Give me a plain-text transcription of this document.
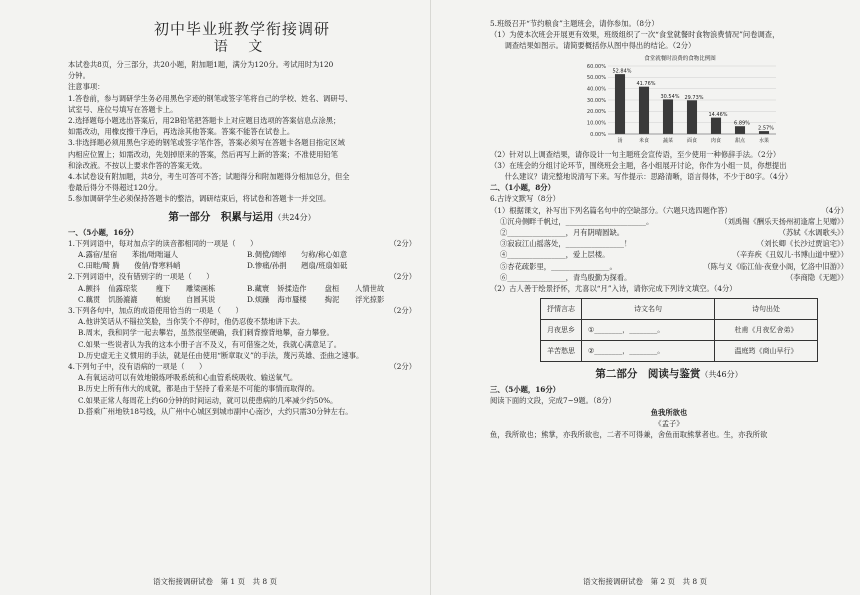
初中毕业班教学衔接调研
语 文
本试卷共8页，分三部分，共20小题，附加题1题，满分为120分。考试用时为120
分钟。
注意事项：
1.答卷前，参与调研学生务必用黑色字迹的钢笔或签字笔将自己的学校、姓名、调研号、
试室号、座位号填写在答题卡上。
2.选择题每小题选出答案后，用2B铅笔把答题卡上对应题目选项的答案信息点涂黑；
如需改动，用橡皮擦干净后，再选涂其他答案。答案不能答在试卷上。
3.非选择题必须用黑色字迹的钢笔或签字笔作答，答案必须写在答题卡各题目指定区域
内相应位置上；如需改动，先划掉原来的答案，然后再写上新的答案；不准使用铅笔
和涂改液。不按以上要求作答的答案无效。
4.本试卷设有附加题，共8分，考生可答可不答；试题得分和附加题得分相加总分，但全
卷最后得分不得超过120分。
5.参加调研学生必须保持答题卡的整洁，调研结束后，将试卷和答题卡一并交回。
第一部分　积累与运用（共24分）
一、（5小题，16分）
1.下列词语中，每对加点字的读音都相同的一项是（　　）	（2分）
A.露宿/星宿　　苯拙/咄咄逼人	B.倜傥/阔绰　　匀称/称心如意
C.田畦/畸 腾　　俊俏/脊寒料峭	D.惨痛/孙捐　　趔扇/班扇如砥
2.下列词语中，没有错别字的一项是（　　）	（2分）
A.颤抖	仙露琼浆	瘦下	雕梁画栋	B.藏寰	矫揉造作	盘桓	人情世故
C.藕贯	饥肠漉漉	帕旋	自圆其说	D.烦躁	海市蜃楼	掏泥	浮光掠影
3.下列各句中，加点的成语使用恰当的一项是（　　）	（2分）
A.他讲笑话从不锱拉笑脸，当你笑个不停时，他仍忍俊不禁地讲下去。
B.周末，我和同学一起去攀岩，虽然很坚硬确，我们刺背擦背地攀，奋力攀登。
C.如果一些说者认为我的这本小册子言不及义，有可借鉴之处，我就心满意足了。
D.历史虚无主义惯用的手法，就是任由使用“断章取义”的手法，蔑污英雄、歪曲之速事。
4.下列句子中，没有语病的一项是（　　）	（2分）
A.有氧运动可以有效地锻炼呼吸系统和心血管系统吸收、输送氧气。
B.历史上所有伟大的成就，都是由于坚持了看来是不可能的事情而取得的。
C.如果正常人每周花上约60分钟的时间运动，就可以使患病的几率减少约50%。
D.搭乘广州地铁18号线，从广州中心城区到城市副中心南沙，大约只需30分钟左右。
语文衔接调研试卷　第 1 页　共 8 页
5.班级召开“节约粮食”主题班会，请你参加。（8分）
（1）为使本次班会开展更有效果，班级组织了一次“食堂就餐时食物浪费情况”问卷调查，
　　调查结果如图示。请简要概括你从图中得出的结论。（2分）
食堂就餐时浪费的食物比例图
0.00%
10.00%
20.00%
30.00%
40.00%
50.00%
60.00%
52.84%
汤
41.76%
米食
30.54%
蔬菜
29.73%
面食
14.46%
肉食
6.89%
甜点
2.57%
水果
（2）针对以上调查结果，请你设计一句主题班会宣传语，至少使用一种修辞手法。（2分）
（3）在班会的分组讨论环节，围绕班会主题，各小组展开讨论，你作为小组一员，你想提出
　　什么建议？请完整地说清写下来。写作提示：思路清晰，语言得体，不少于80字。（4分）
二、（1小题，8分）
6.古诗文默写（8分）
（1）根据课文，补写出下列名篇名句中的空缺部分。（六题只选四题作答）	（4分）
①沉舟侧畔千帆过，______________________。	（刘禹锡《酬乐天扬州初逢席上见赠》）
②________________，月有阴晴圆缺。	（苏轼《水调歌头》）
③寂寂江山摇落处，________________！	（刘长卿《长沙过贾谊宅》）
④________________，爱上层楼。	（辛弃疾《丑奴儿·书博山道中壁》）
⑤杏花疏影里，________________。	（陈与义《临江仙·夜登小阁，忆洛中旧游》）
⑥________________，青鸟殷勤为探看。	（李商隐《无题》）
（2）古人善于绘景抒怀，尤喜以“月”入诗，请你完成下列诗文填空。（4分）
抒情言志	诗文名句	诗句出处
月夜思乡	①________，________。	杜甫《月夜忆舍弟》
羊苦愁思	②________，________。	温庭筠《商山早行》
第二部分　阅读与鉴赏（共46分）
三、（5小题，16分）
阅读下面的文段，完成7~9题。（8分）
鱼我所欲也
《孟子》
鱼，我所欲也；熊掌，亦我所欲也，二者不可得兼，舍鱼而取熊掌者也。生，亦我所欲
语文衔接调研试卷　第 2 页　共 8 页
